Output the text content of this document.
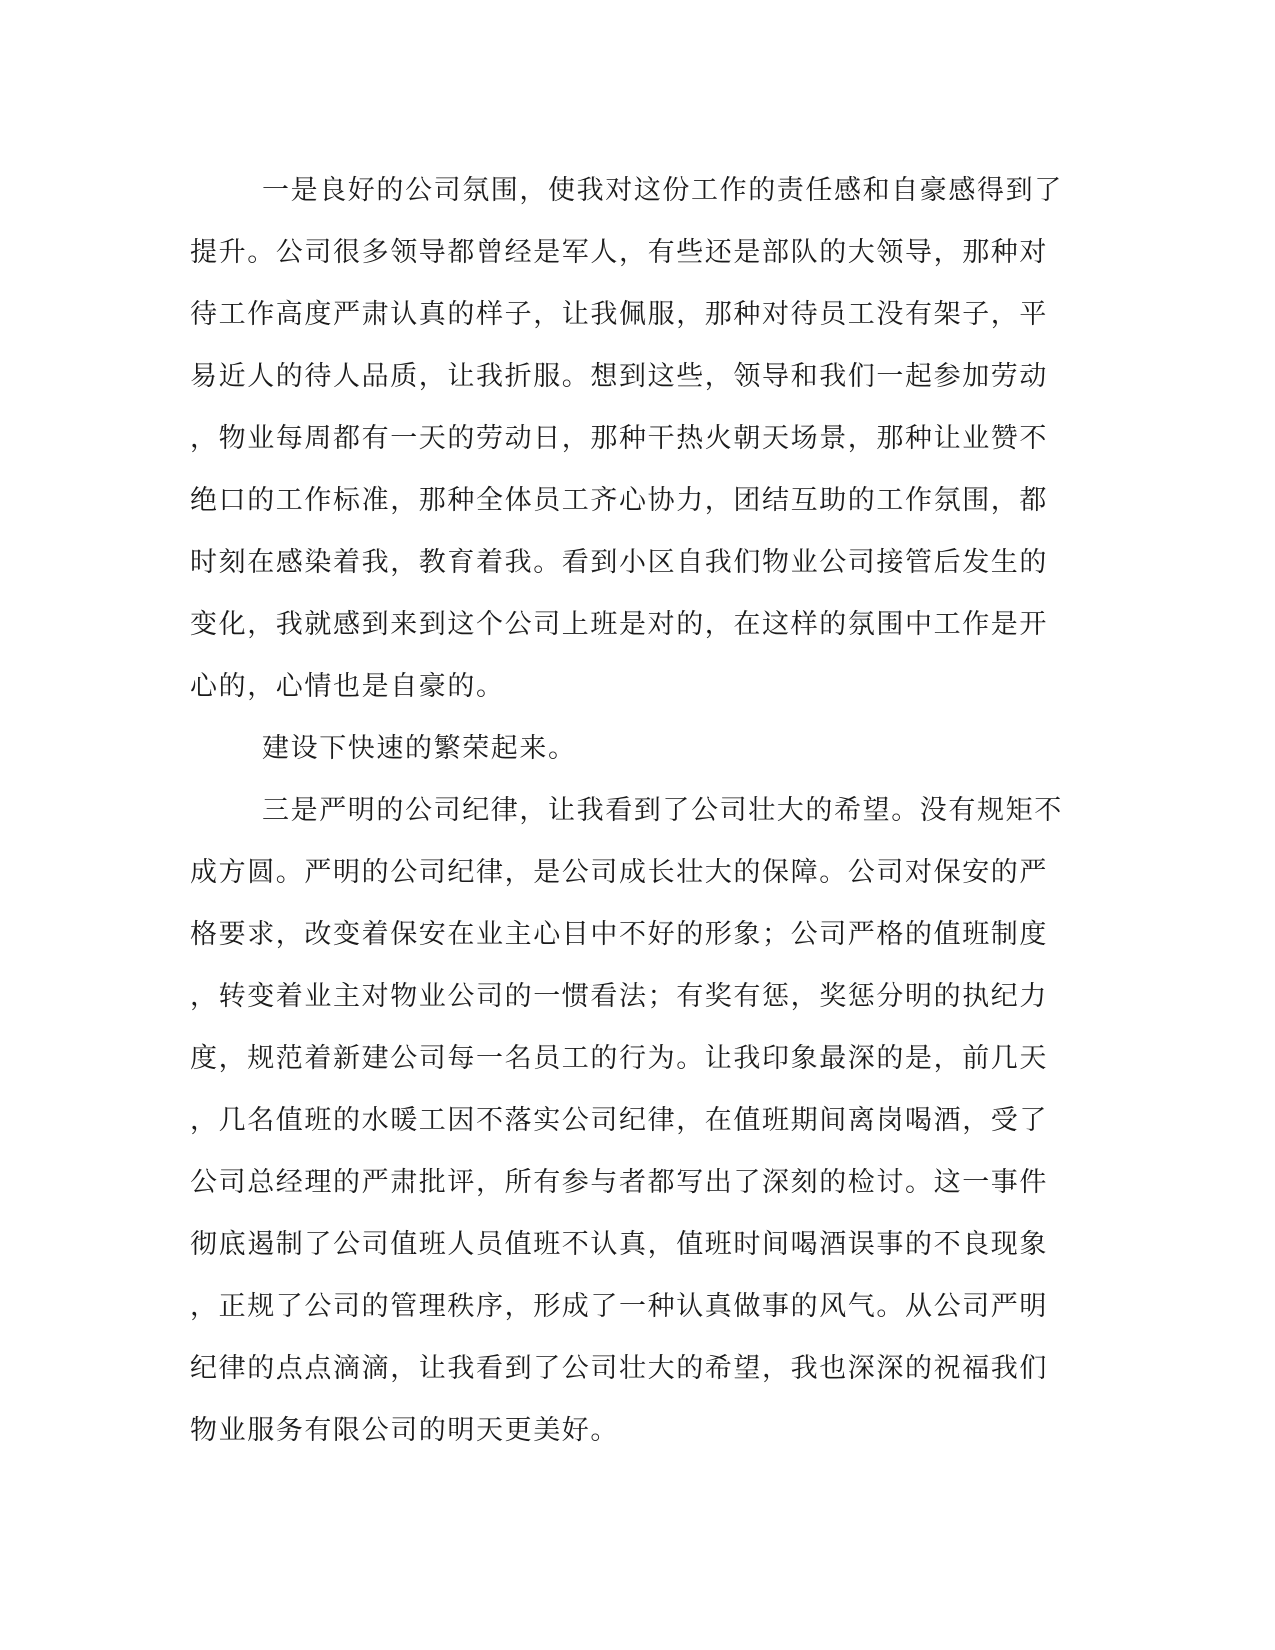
一是良好的公司氛围，使我对这份工作的责任感和自豪感得到了
提升。公司很多领导都曾经是军人，有些还是部队的大领导，那种对
待工作高度严肃认真的样子，让我佩服，那种对待员工没有架子，平
易近人的待人品质，让我折服。想到这些，领导和我们一起参加劳动
，物业每周都有一天的劳动日，那种干热火朝天场景，那种让业赞不
绝口的工作标准，那种全体员工齐心协力，团结互助的工作氛围，都
时刻在感染着我，教育着我。看到小区自我们物业公司接管后发生的
变化，我就感到来到这个公司上班是对的，在这样的氛围中工作是开
心的，心情也是自豪的。
建设下快速的繁荣起来。
三是严明的公司纪律，让我看到了公司壮大的希望。没有规矩不
成方圆。严明的公司纪律，是公司成长壮大的保障。公司对保安的严
格要求，改变着保安在业主心目中不好的形象；公司严格的值班制度
，转变着业主对物业公司的一惯看法；有奖有惩，奖惩分明的执纪力
度，规范着新建公司每一名员工的行为。让我印象最深的是，前几天
，几名值班的水暖工因不落实公司纪律，在值班期间离岗喝酒，受了
公司总经理的严肃批评，所有参与者都写出了深刻的检讨。这一事件
彻底遏制了公司值班人员值班不认真，值班时间喝酒误事的不良现象
，正规了公司的管理秩序，形成了一种认真做事的风气。从公司严明
纪律的点点滴滴，让我看到了公司壮大的希望，我也深深的祝福我们
物业服务有限公司的明天更美好。
